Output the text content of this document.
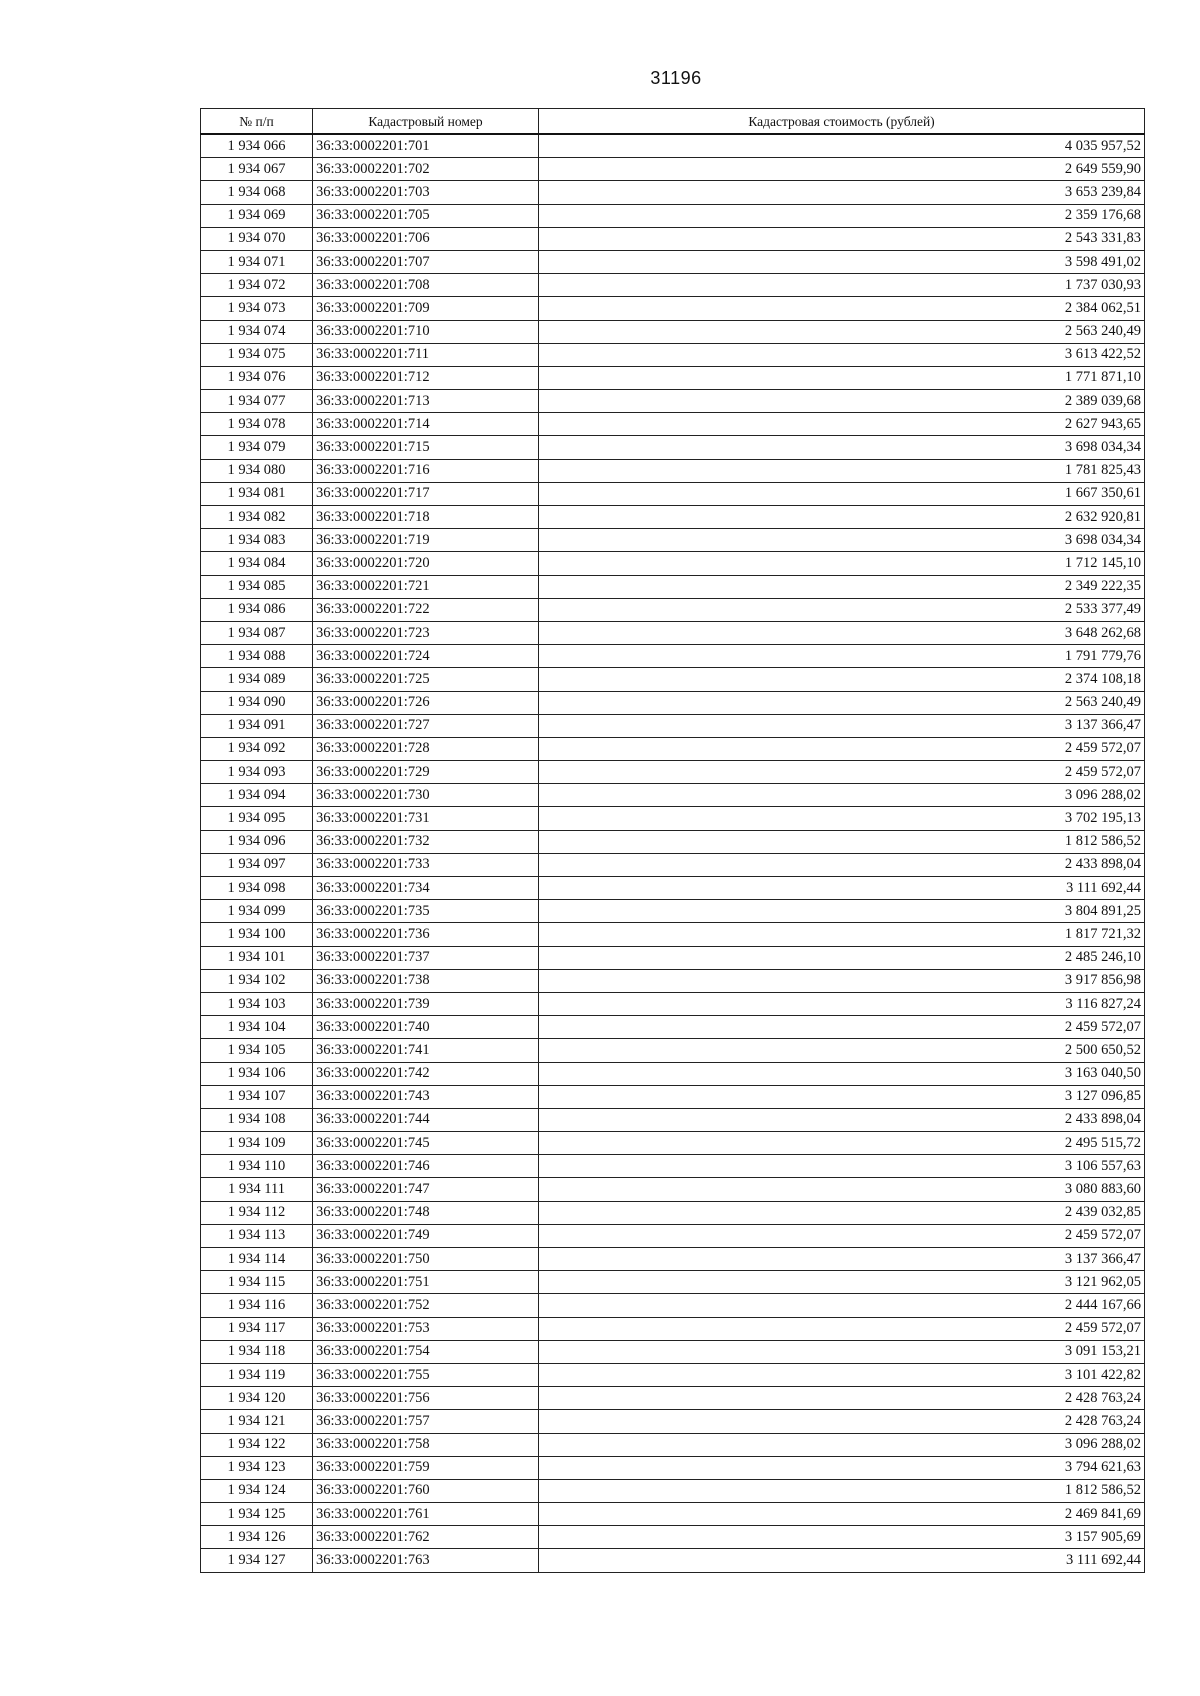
31196
№ п/п	Кадастровый номер	Кадастровая стоимость (рублей)
1 934 066	36:33:0002201:701	4 035 957,52
1 934 067	36:33:0002201:702	2 649 559,90
1 934 068	36:33:0002201:703	3 653 239,84
1 934 069	36:33:0002201:705	2 359 176,68
1 934 070	36:33:0002201:706	2 543 331,83
1 934 071	36:33:0002201:707	3 598 491,02
1 934 072	36:33:0002201:708	1 737 030,93
1 934 073	36:33:0002201:709	2 384 062,51
1 934 074	36:33:0002201:710	2 563 240,49
1 934 075	36:33:0002201:711	3 613 422,52
1 934 076	36:33:0002201:712	1 771 871,10
1 934 077	36:33:0002201:713	2 389 039,68
1 934 078	36:33:0002201:714	2 627 943,65
1 934 079	36:33:0002201:715	3 698 034,34
1 934 080	36:33:0002201:716	1 781 825,43
1 934 081	36:33:0002201:717	1 667 350,61
1 934 082	36:33:0002201:718	2 632 920,81
1 934 083	36:33:0002201:719	3 698 034,34
1 934 084	36:33:0002201:720	1 712 145,10
1 934 085	36:33:0002201:721	2 349 222,35
1 934 086	36:33:0002201:722	2 533 377,49
1 934 087	36:33:0002201:723	3 648 262,68
1 934 088	36:33:0002201:724	1 791 779,76
1 934 089	36:33:0002201:725	2 374 108,18
1 934 090	36:33:0002201:726	2 563 240,49
1 934 091	36:33:0002201:727	3 137 366,47
1 934 092	36:33:0002201:728	2 459 572,07
1 934 093	36:33:0002201:729	2 459 572,07
1 934 094	36:33:0002201:730	3 096 288,02
1 934 095	36:33:0002201:731	3 702 195,13
1 934 096	36:33:0002201:732	1 812 586,52
1 934 097	36:33:0002201:733	2 433 898,04
1 934 098	36:33:0002201:734	3 111 692,44
1 934 099	36:33:0002201:735	3 804 891,25
1 934 100	36:33:0002201:736	1 817 721,32
1 934 101	36:33:0002201:737	2 485 246,10
1 934 102	36:33:0002201:738	3 917 856,98
1 934 103	36:33:0002201:739	3 116 827,24
1 934 104	36:33:0002201:740	2 459 572,07
1 934 105	36:33:0002201:741	2 500 650,52
1 934 106	36:33:0002201:742	3 163 040,50
1 934 107	36:33:0002201:743	3 127 096,85
1 934 108	36:33:0002201:744	2 433 898,04
1 934 109	36:33:0002201:745	2 495 515,72
1 934 110	36:33:0002201:746	3 106 557,63
1 934 111	36:33:0002201:747	3 080 883,60
1 934 112	36:33:0002201:748	2 439 032,85
1 934 113	36:33:0002201:749	2 459 572,07
1 934 114	36:33:0002201:750	3 137 366,47
1 934 115	36:33:0002201:751	3 121 962,05
1 934 116	36:33:0002201:752	2 444 167,66
1 934 117	36:33:0002201:753	2 459 572,07
1 934 118	36:33:0002201:754	3 091 153,21
1 934 119	36:33:0002201:755	3 101 422,82
1 934 120	36:33:0002201:756	2 428 763,24
1 934 121	36:33:0002201:757	2 428 763,24
1 934 122	36:33:0002201:758	3 096 288,02
1 934 123	36:33:0002201:759	3 794 621,63
1 934 124	36:33:0002201:760	1 812 586,52
1 934 125	36:33:0002201:761	2 469 841,69
1 934 126	36:33:0002201:762	3 157 905,69
1 934 127	36:33:0002201:763	3 111 692,44
